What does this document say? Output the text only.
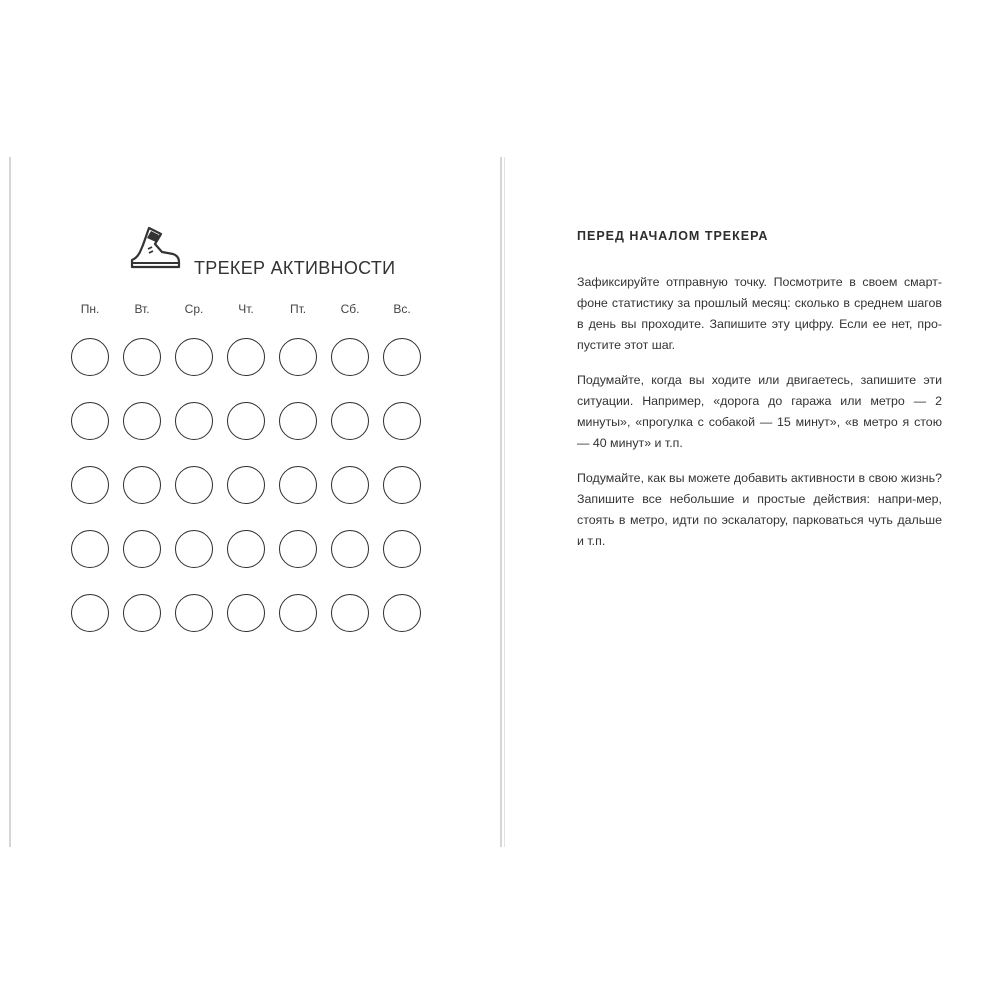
ТРЕКЕР АКТИВНОСТИ
Пн.	Вт.	Ср.	Чт.	Пт.	Сб.	Вс.
ПЕРЕД НАЧАЛОМ ТРЕКЕРА

Зафиксируйте отправную точку. Посмотрите в своем смарт-фоне статистику за прошлый месяц: сколько в среднем шагов в день вы проходите. Запишите эту цифру. Если ее нет, про-пустите этот шаг.

Подумайте, когда вы ходите или двигаетесь, запишите эти ситуации. Например, «дорога до гаража или метро — 2 минуты», «прогулка с собакой — 15 минут», «в метро я стою — 40 минут» и т.п.

Подумайте, как вы можете добавить активности в свою жизнь? Запишите все небольшие и простые действия: напри-мер, стоять в метро, идти по эскалатору, парковаться чуть дальше и т.п.
